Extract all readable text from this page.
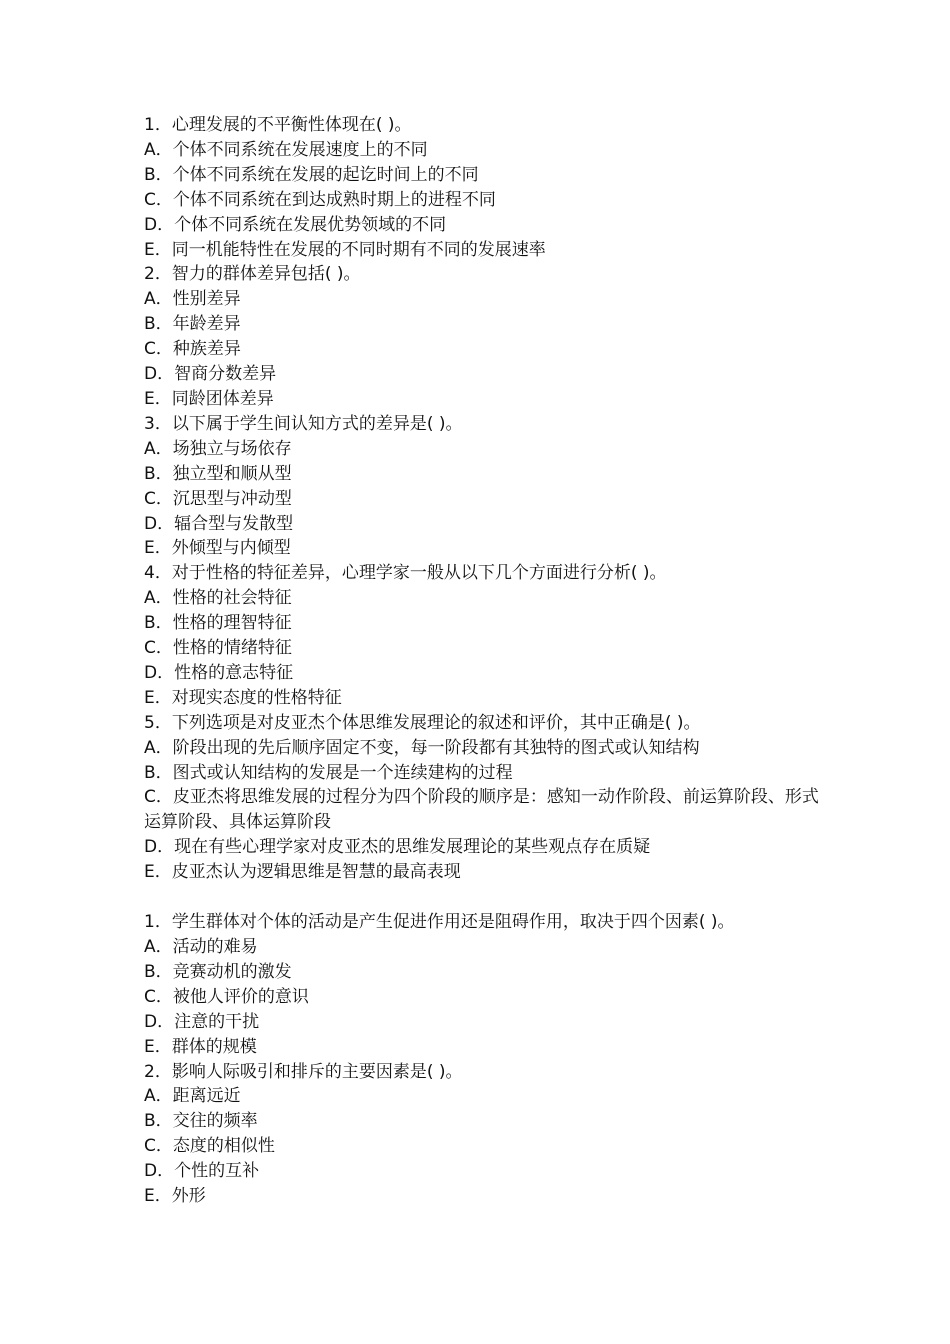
1．心理发展的不平衡性体现在( )。
A．个体不同系统在发展速度上的不同
B．个体不同系统在发展的起讫时间上的不同
C．个体不同系统在到达成熟时期上的进程不同
D．个体不同系统在发展优势领域的不同
E．同一机能特性在发展的不同时期有不同的发展速率
2．智力的群体差异包括( )。
A．性别差异
B．年龄差异
C．种族差异
D．智商分数差异
E．同龄团体差异
3．以下属于学生间认知方式的差异是( )。
A．场独立与场依存
B．独立型和顺从型
C．沉思型与冲动型
D．辐合型与发散型
E．外倾型与内倾型
4．对于性格的特征差异，心理学家一般从以下几个方面进行分析( )。
A．性格的社会特征
B．性格的理智特征
C．性格的情绪特征
D．性格的意志特征
E．对现实态度的性格特征
5．下列选项是对皮亚杰个体思维发展理论的叙述和评价，其中正确是( )。
A．阶段出现的先后顺序固定不变，每一阶段都有其独特的图式或认知结构
B．图式或认知结构的发展是一个连续建构的过程
C．皮亚杰将思维发展的过程分为四个阶段的顺序是：感知一动作阶段、前运算阶段、形式运算阶段、具体运算阶段
D．现在有些心理学家对皮亚杰的思维发展理论的某些观点存在质疑
E．皮亚杰认为逻辑思维是智慧的最高表现
1．学生群体对个体的活动是产生促进作用还是阻碍作用，取决于四个因素( )。
A．活动的难易
B．竞赛动机的激发
C．被他人评价的意识
D．注意的干扰
E．群体的规模
2．影响人际吸引和排斥的主要因素是( )。
A．距离远近
B．交往的频率
C．态度的相似性
D．个性的互补
E．外形
